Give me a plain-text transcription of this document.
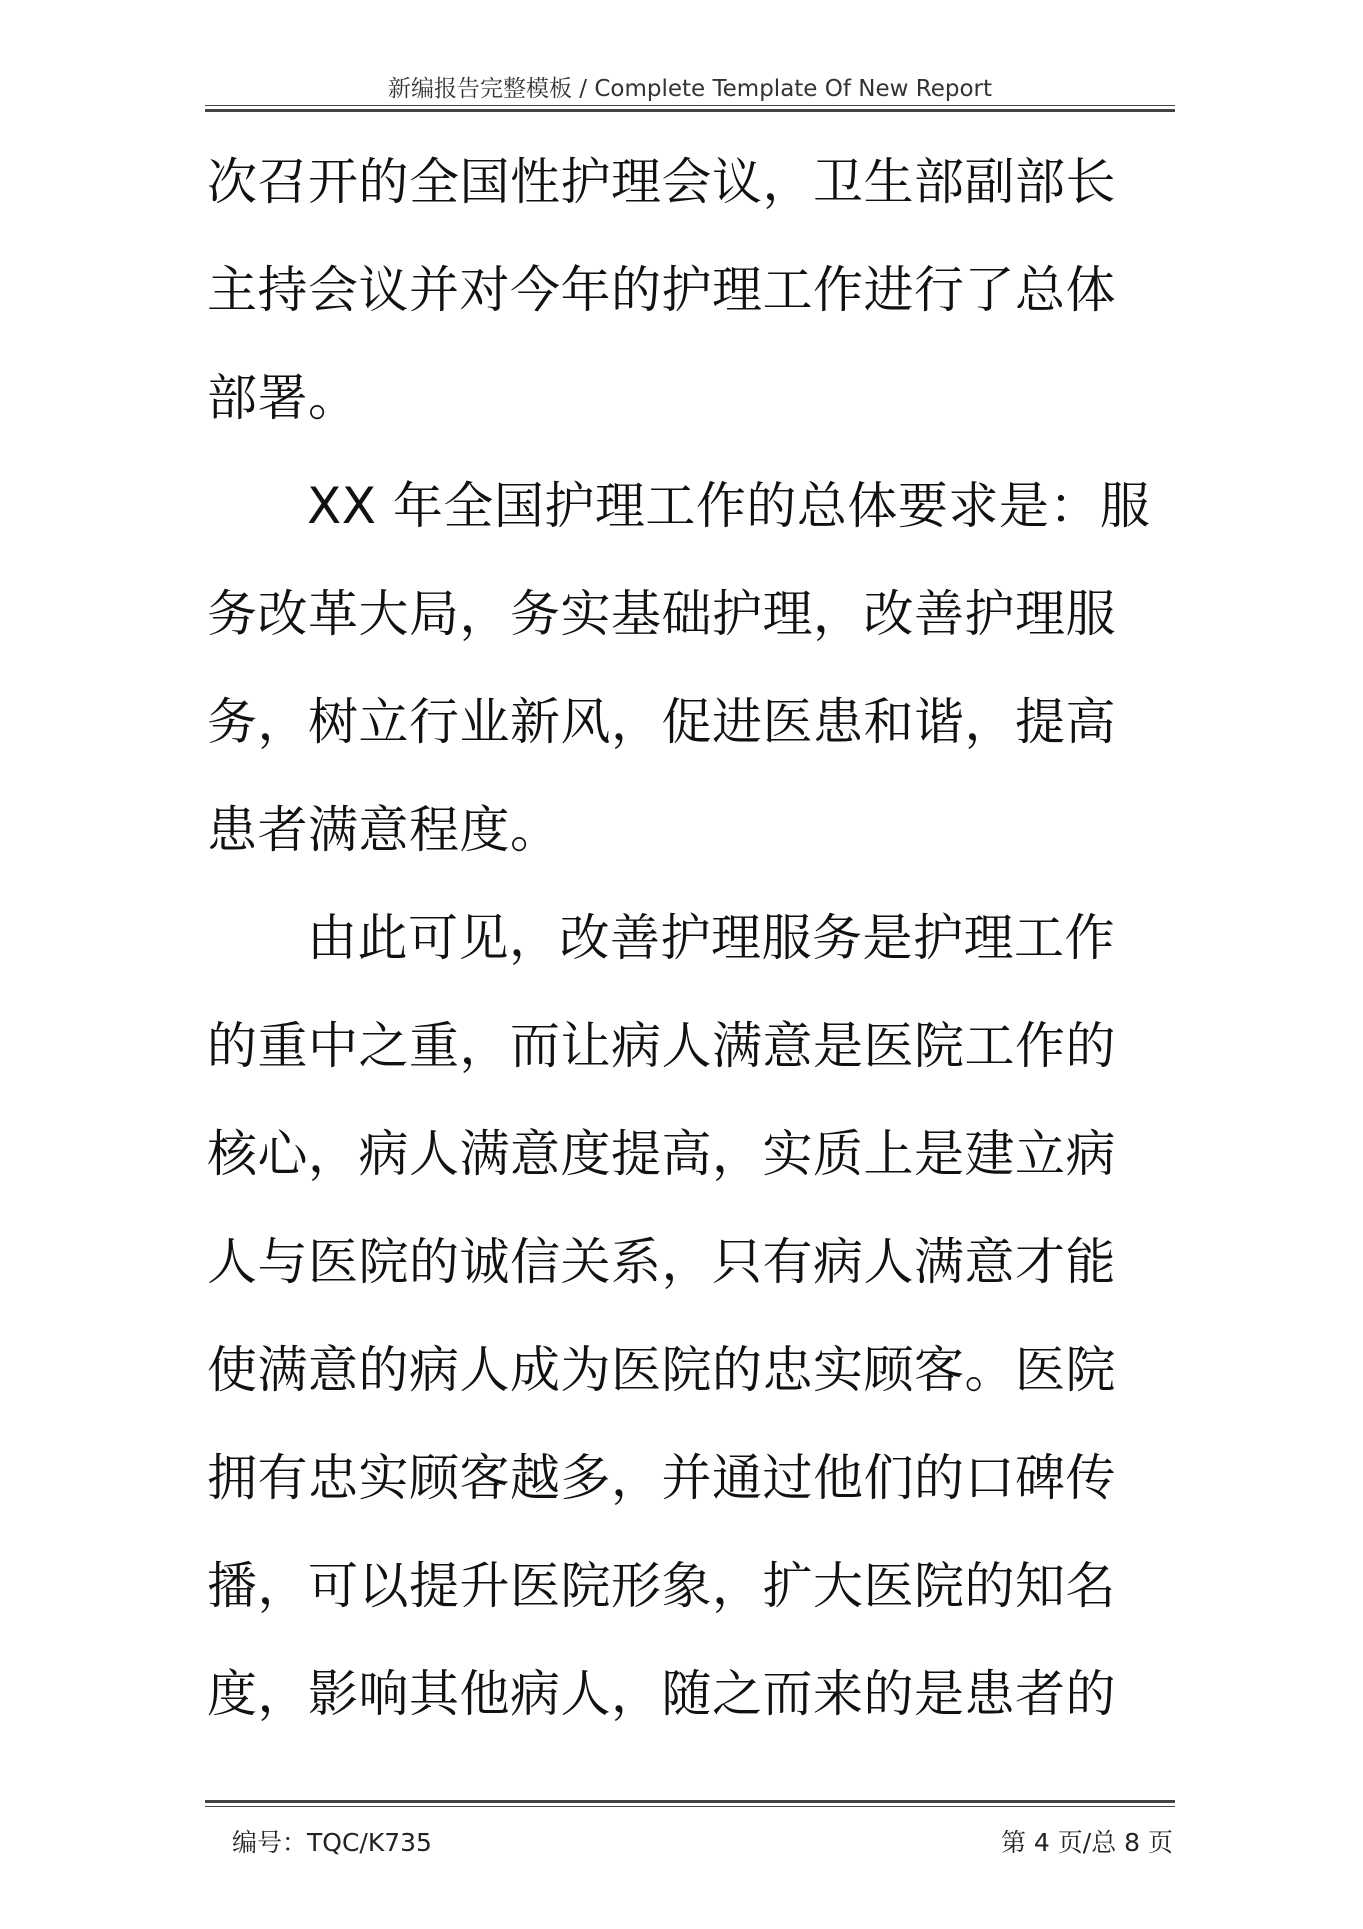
新编报告完整模板 / Complete Template Of New Report

次召开的全国性护理会议，卫生部副部长
主持会议并对今年的护理工作进行了总体
部署。

XX 年全国护理工作的总体要求是：服
务改革大局，务实基础护理，改善护理服
务，树立行业新风，促进医患和谐，提高
患者满意程度。

由此可见，改善护理服务是护理工作
的重中之重，而让病人满意是医院工作的
核心，病人满意度提高，实质上是建立病
人与医院的诚信关系，只有病人满意才能
使满意的病人成为医院的忠实顾客。医院
拥有忠实顾客越多，并通过他们的口碑传
播，可以提升医院形象，扩大医院的知名
度，影响其他病人，随之而来的是患者的

编号：TQC/K735	第 4 页/总 8 页
